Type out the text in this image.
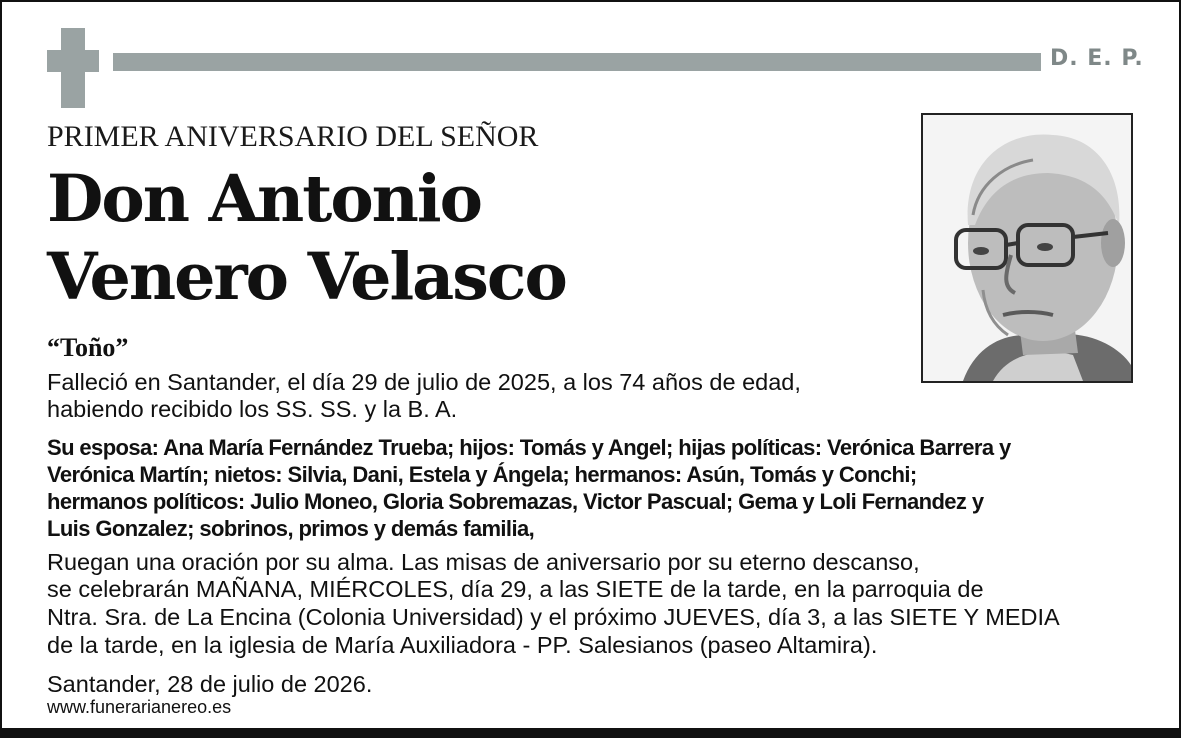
D. E. P.
PRIMER ANIVERSARIO DEL SEÑOR
Don Antonio
Venero Velasco
“Toño”

Falleció en Santander, el día 29 de julio de 2025, a los 74 años de edad,

habiendo recibido los SS. SS. y la B. A.

Su esposa: Ana María Fernández Trueba; hijos: Tomás y Angel; hijas políticas: Verónica Barrera y
Verónica Martín; nietos: Silvia, Dani, Estela y Ángela; hermanos: Asún, Tomás y Conchi;
hermanos políticos: Julio Moneo, Gloria Sobremazas, Victor Pascual; Gema y Loli Fernandez y
Luis Gonzalez; sobrinos, primos y demás familia,

Ruegan una oración por su alma. Las misas de aniversario por su eterno descanso,

se celebrarán MAÑANA, MIÉRCOLES, día 29, a las SIETE de la tarde, en la parroquia de

Ntra. Sra. de La Encina (Colonia Universidad) y el próximo JUEVES, día 3, a las SIETE Y MEDIA

de la tarde, en la iglesia de María Auxiliadora - PP. Salesianos (paseo Altamira).

Santander, 28 de julio de 2026.

www.funerarianereo.es
